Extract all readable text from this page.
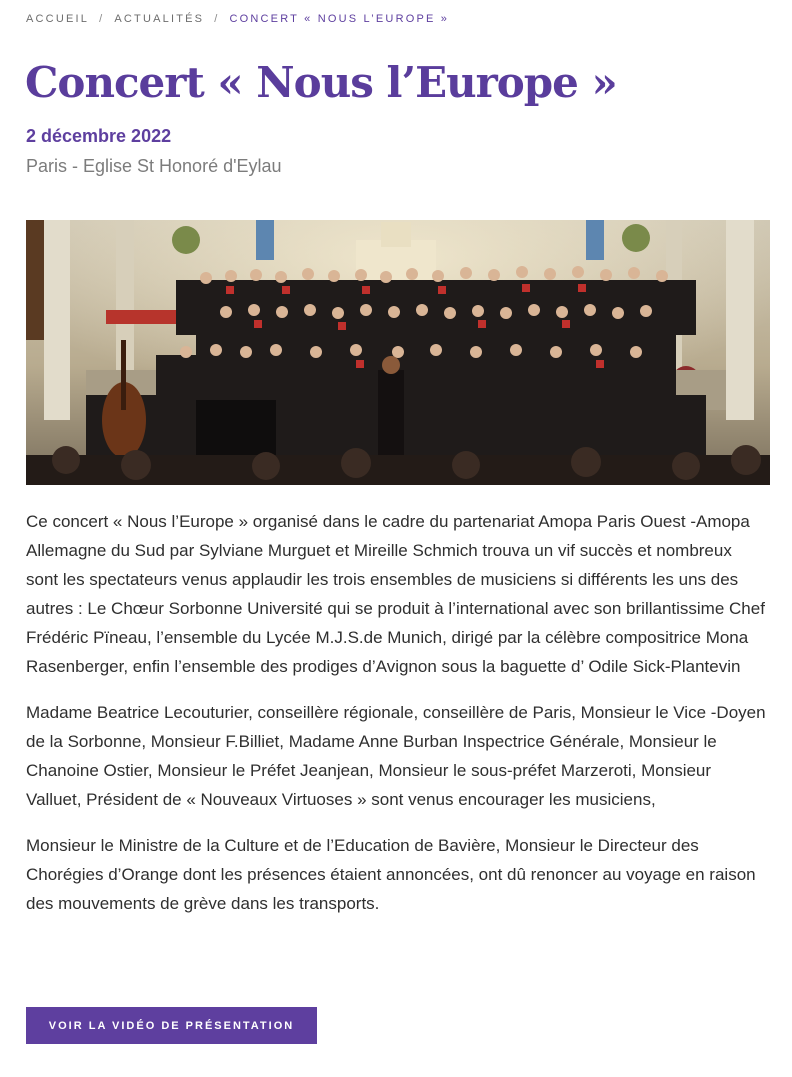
ACCUEIL / ACTUALITÉS / CONCERT « NOUS L’EUROPE »
Concert « Nous l’Europe »
2 décembre 2022
Paris - Eglise St Honoré d'Eylau

Ce concert « Nous l’Europe » organisé dans le cadre du partenariat Amopa Paris Ouest -Amopa Allemagne du Sud par Sylviane Murguet et Mireille Schmich trouva un vif succès et nombreux sont les spectateurs venus applaudir les trois ensembles de musiciens si différents les uns des autres : Le Chœur Sorbonne Université qui se produit à l’international avec son brillantissime Chef Frédéric Pïneau, l’ensemble du Lycée M.J.S.de Munich, dirigé par la célèbre compositrice Mona Rasenberger, enfin l’ensemble des prodiges d’Avignon sous la baguette d’ Odile Sick-Plantevin

Madame Beatrice Lecouturier, conseillère régionale, conseillère de Paris, Monsieur le Vice -Doyen de la Sorbonne, Monsieur F.Billiet, Madame Anne Burban Inspectrice Générale, Monsieur le Chanoine Ostier, Monsieur le Préfet Jeanjean, Monsieur le sous-préfet Marzeroti, Monsieur Valluet, Président de « Nouveaux Virtuoses » sont venus encourager les musiciens,

Monsieur le Ministre de la Culture et de l’Education de Bavière, Monsieur le Directeur des Chorégies d’Orange dont les présences étaient annoncées, ont dû renoncer au voyage en raison des mouvements de grève dans les transports.

VOIR LA VIDÉO DE PRÉSENTATION
